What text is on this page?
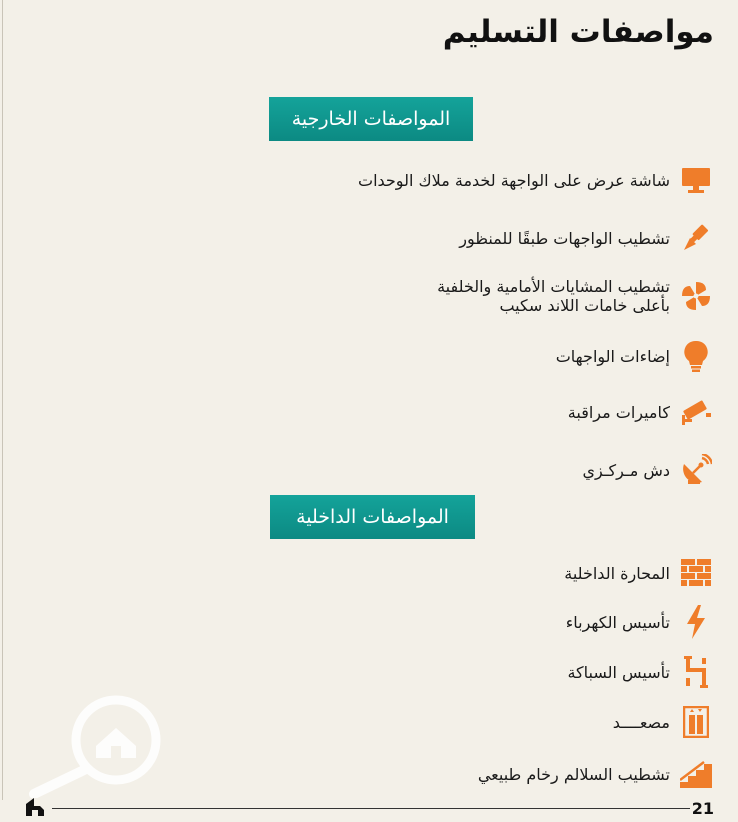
مواصفات التسليم
المواصفات الخارجية
شاشة عرض على الواجهة لخدمة ملاك الوحدات
تشطيب الواجهات طبقًا للمنظور
تشطيب المشايات الأمامية والخلفية
بأعلى خامات اللاند سكيب
إضاءات الواجهات
كاميرات مراقبة
دش مـركـزي
المواصفات الداخلية
المحارة الداخلية
تأسيس الكهرباء
تأسيس السباكة
مصعــــد
تشطيب السلالم رخام طبيعي
21
